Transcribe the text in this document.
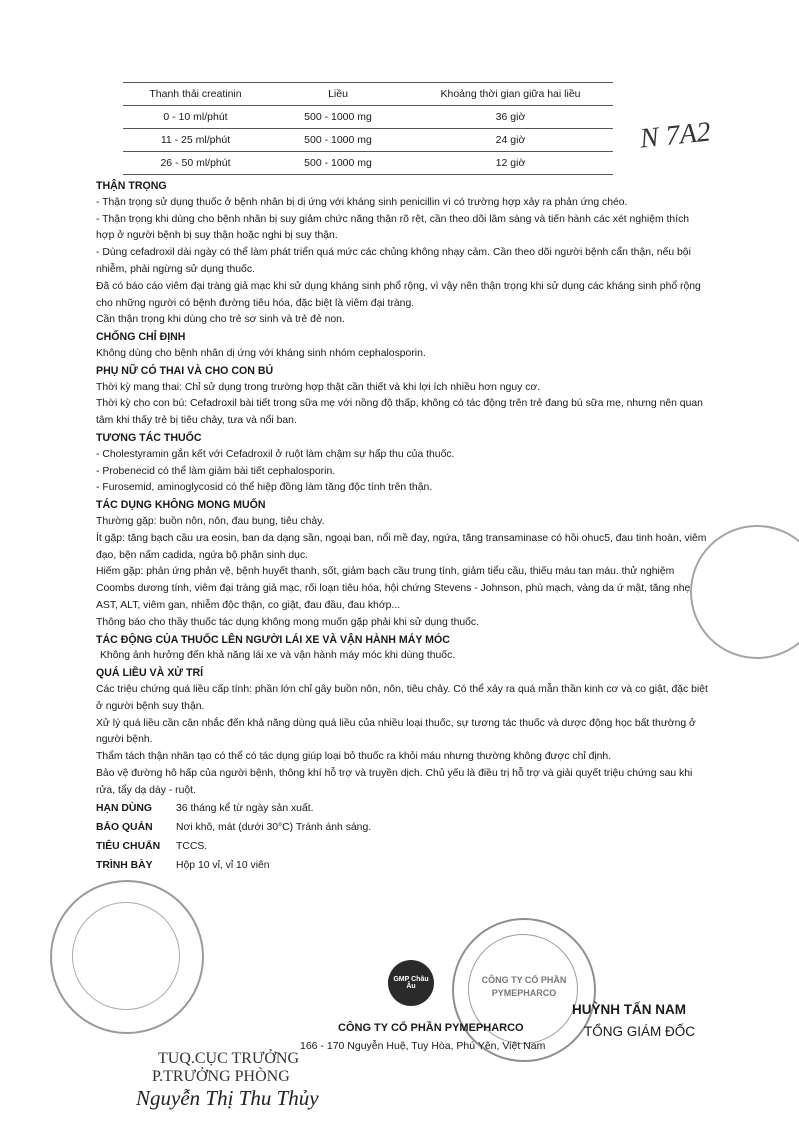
Thanh thải creatinin	Liều	Khoảng thời gian giữa hai liều
0 - 10 ml/phút	500 - 1000 mg	36 giờ
11 - 25 ml/phút	500 - 1000 mg	24 giờ
26 - 50 ml/phút	500 - 1000 mg	12 giờ
N 7A2

THẬN TRỌNG

- Thận trọng sử dụng thuốc ở bệnh nhân bị dị ứng với kháng sinh penicillin vì có trường hợp xảy ra phản ứng chéo.

- Thận trọng khi dùng cho bệnh nhân bị suy giảm chức năng thận rõ rệt, cần theo dõi lâm sàng và tiến hành các xét nghiệm thích hợp ở người bệnh bị suy thận hoặc nghi bị suy thận.

- Dùng cefadroxil dài ngày có thể làm phát triển quá mức các chủng không nhạy cảm. Cần theo dõi người bệnh cẩn thận, nếu bội nhiễm, phải ngừng sử dụng thuốc.

Đã có báo cáo viêm đại tràng giả mạc khi sử dụng kháng sinh phổ rộng, vì vậy nên thận trọng khi sử dụng các kháng sinh phổ rộng cho những người có bệnh đường tiêu hóa, đặc biệt là viêm đại tràng.

Cần thận trọng khi dùng cho trẻ sơ sinh và trẻ đẻ non.

CHỐNG CHỈ ĐỊNH

Không dùng cho bệnh nhân dị ứng với kháng sinh nhóm cephalosporin.

PHỤ NỮ CÓ THAI VÀ CHO CON BÚ

Thời kỳ mang thai: Chỉ sử dụng trong trường hợp thật cần thiết và khi lợi ích nhiều hơn nguy cơ.

Thời kỳ cho con bú: Cefadroxil bài tiết trong sữa mẹ với nồng độ thấp, không có tác động trên trẻ đang bú sữa mẹ, nhưng nên quan tâm khi thấy trẻ bị tiêu chảy, tưa và nổi ban.

TƯƠNG TÁC THUỐC

- Cholestyramin gắn kết với Cefadroxil ở ruột làm chậm sự hấp thu của thuốc.

- Probenecid có thể làm giảm bài tiết cephalosporin.

- Furosemid, aminoglycosid có thể hiệp đồng làm tăng độc tính trên thận.

TÁC DỤNG KHÔNG MONG MUỐN

Thường gặp: buồn nôn, nôn, đau bụng, tiêu chảy.

Ít gặp: tăng bạch cầu ưa eosin, ban da dạng sần, ngoại ban, nổi mề đay, ngứa, tăng transaminase có hồi ohuc5, đau tinh hoàn, viêm đạo, bện nấm cadida, ngứa bộ phận sinh dục.

Hiếm gặp: phản ứng phản vệ, bệnh huyết thanh, sốt, giảm bạch cầu trung tính, giảm tiểu cầu, thiếu máu tan máu. thử nghiệm Coombs dương tính, viêm đại tràng giả mạc, rối loạn tiêu hóa, hội chứng Stevens - Johnson, phù mạch, vàng da ứ mật, tăng nhẹ AST, ALT, viêm gan, nhiễm độc thận, co giật, đau đầu, đau khớp...

Thông báo cho thầy thuốc tác dụng không mong muốn gặp phải khi sử dụng thuốc.

TÁC ĐỘNG CỦA THUỐC LÊN NGƯỜI LÁI XE VÀ VẬN HÀNH MÁY MÓC

Không ảnh hưởng đến khả năng lái xe và vận hành máy móc khi dùng thuốc.

QUÁ LIỀU VÀ XỬ TRÍ

Các triệu chứng quá liều cấp tính: phần lớn chỉ gây buồn nôn, nôn, tiêu chảy. Có thể xảy ra quá mẫn thần kinh cơ và co giật, đặc biệt ở người bệnh suy thận.

Xử lý quá liều cần cân nhắc đến khả năng dùng quá liều của nhiều loại thuốc, sự tương tác thuốc và dược động học bất thường ở người bệnh.

Thẩm tách thận nhân tạo có thể có tác dụng giúp loại bỏ thuốc ra khỏi máu nhưng thường không được chỉ định.

Bảo vệ đường hô hấp của người bệnh, thông khí hỗ trợ và truyền dịch. Chủ yếu là điều trị hỗ trợ và giải quyết triệu chứng sau khi rửa, tẩy dạ dày - ruột.

HẠN DÙNG	36 tháng kể từ ngày sản xuất.
BẢO QUẢN	Nơi khô, mát (dưới 30°C) Tránh ánh sáng.
TIÊU CHUẨN	TCCS.
TRÌNH BÀY	Hộp 10 vỉ, vỉ 10 viên
GMP Châu Âu
CÔNG TY CỔ PHẦN PYMEPHARCO
CÔNG TY CỔ PHẦN PYMEPHARCO
166 - 170 Nguyễn Huệ, Tuy Hòa, Phú Yên, Việt Nam
HUỲNH TẤN NAM
TỔNG GIÁM ĐỐC
TUQ.CỤC TRƯỞNG
P.TRƯỞNG PHÒNG
Nguyễn Thị Thu Thủy
